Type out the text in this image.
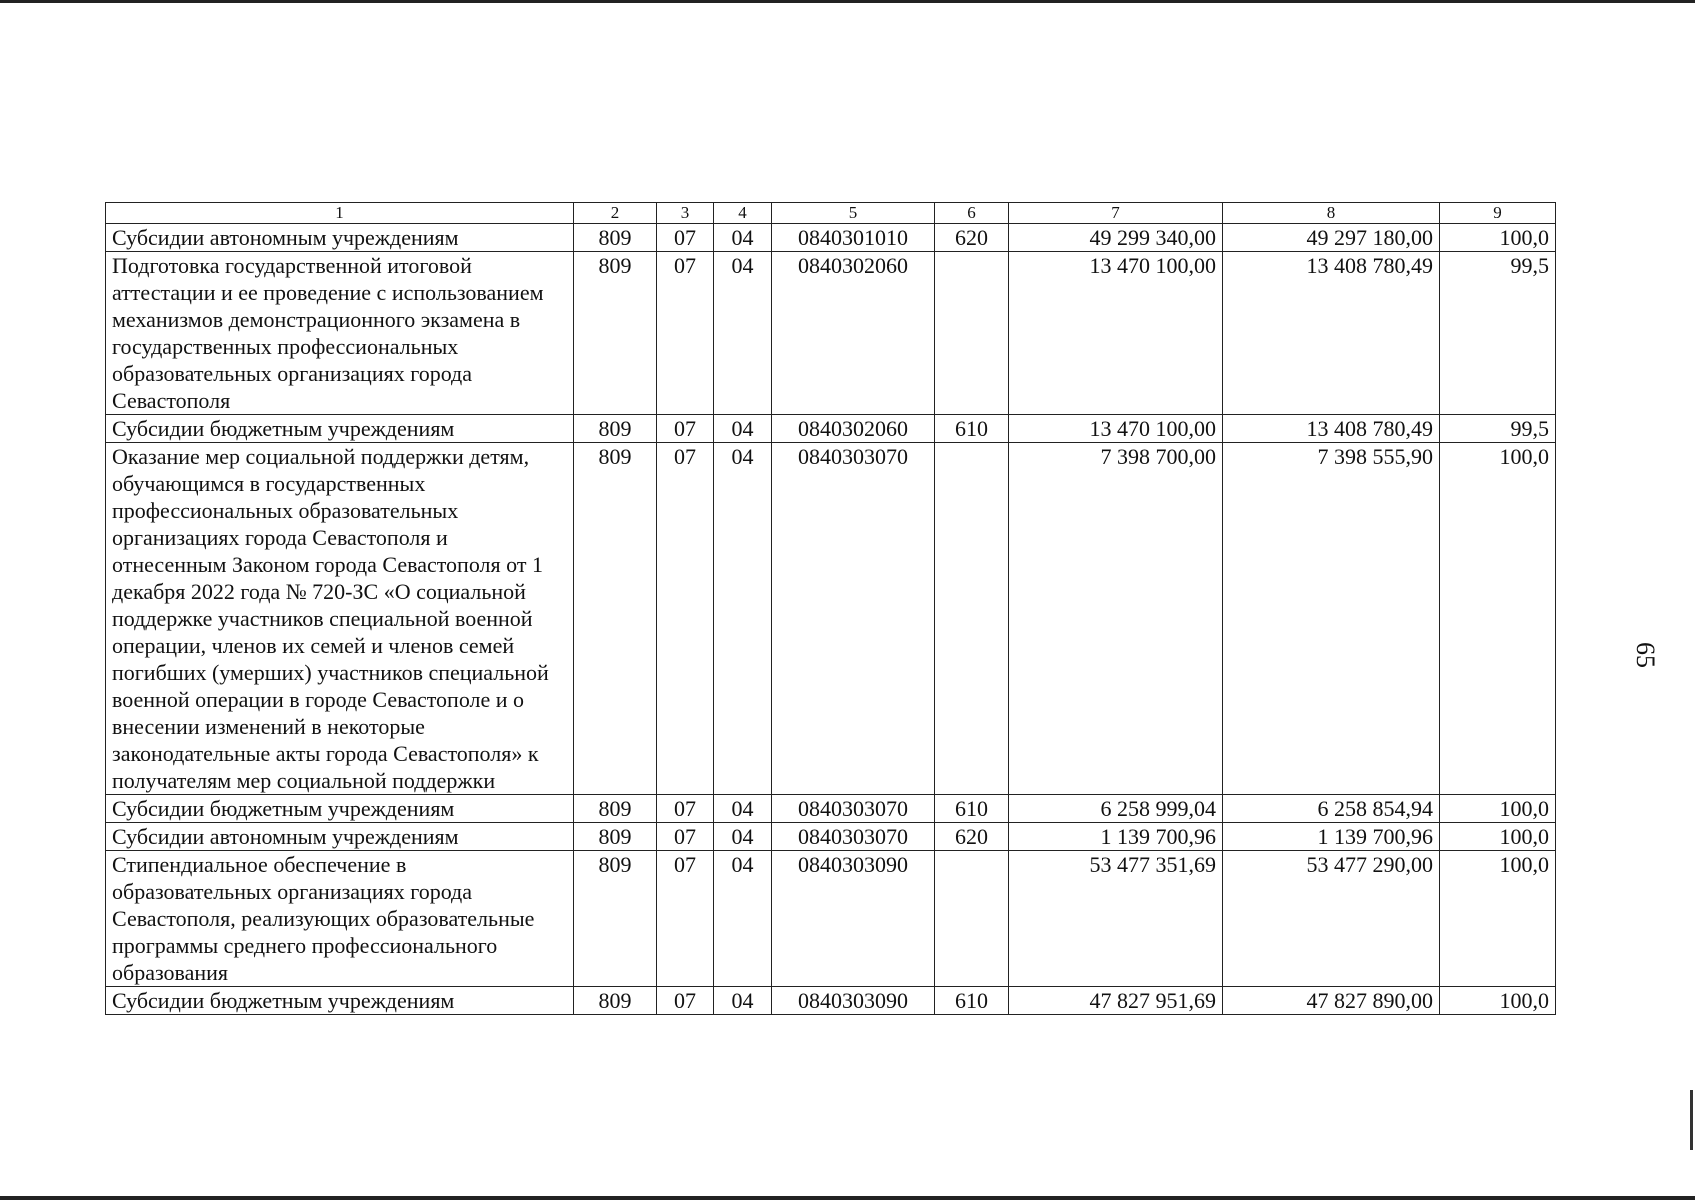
65
1	2	3	4	5	6	7	8	9
Субсидии автономным учреждениям	809	07	04	0840301010	620	49 299 340,00	49 297 180,00	100,0
Подготовка государственной итоговой аттестации и ее проведение с использованием механизмов демонстрационного экзамена в государственных профессиональных образовательных организациях города Севастополя	809	07	04	0840302060		13 470 100,00	13 408 780,49	99,5
Субсидии бюджетным учреждениям	809	07	04	0840302060	610	13 470 100,00	13 408 780,49	99,5
Оказание мер социальной поддержки детям, обучающимся в государственных профессиональных образовательных организациях города Севастополя и отнесенным Законом города Севастополя от 1 декабря 2022 года № 720-ЗС «О социальной поддержке участников специальной военной операции, членов их семей и членов семей погибших (умерших) участников специальной военной операции в городе Севастополе и о внесении изменений в некоторые законодательные акты города Севастополя» к получателям мер социальной поддержки	809	07	04	0840303070		7 398 700,00	7 398 555,90	100,0
Субсидии бюджетным учреждениям	809	07	04	0840303070	610	6 258 999,04	6 258 854,94	100,0
Субсидии автономным учреждениям	809	07	04	0840303070	620	1 139 700,96	1 139 700,96	100,0
Стипендиальное обеспечение в образовательных организациях города Севастополя, реализующих образовательные программы среднего профессионального образования	809	07	04	0840303090		53 477 351,69	53 477 290,00	100,0
Субсидии бюджетным учреждениям	809	07	04	0840303090	610	47 827 951,69	47 827 890,00	100,0
